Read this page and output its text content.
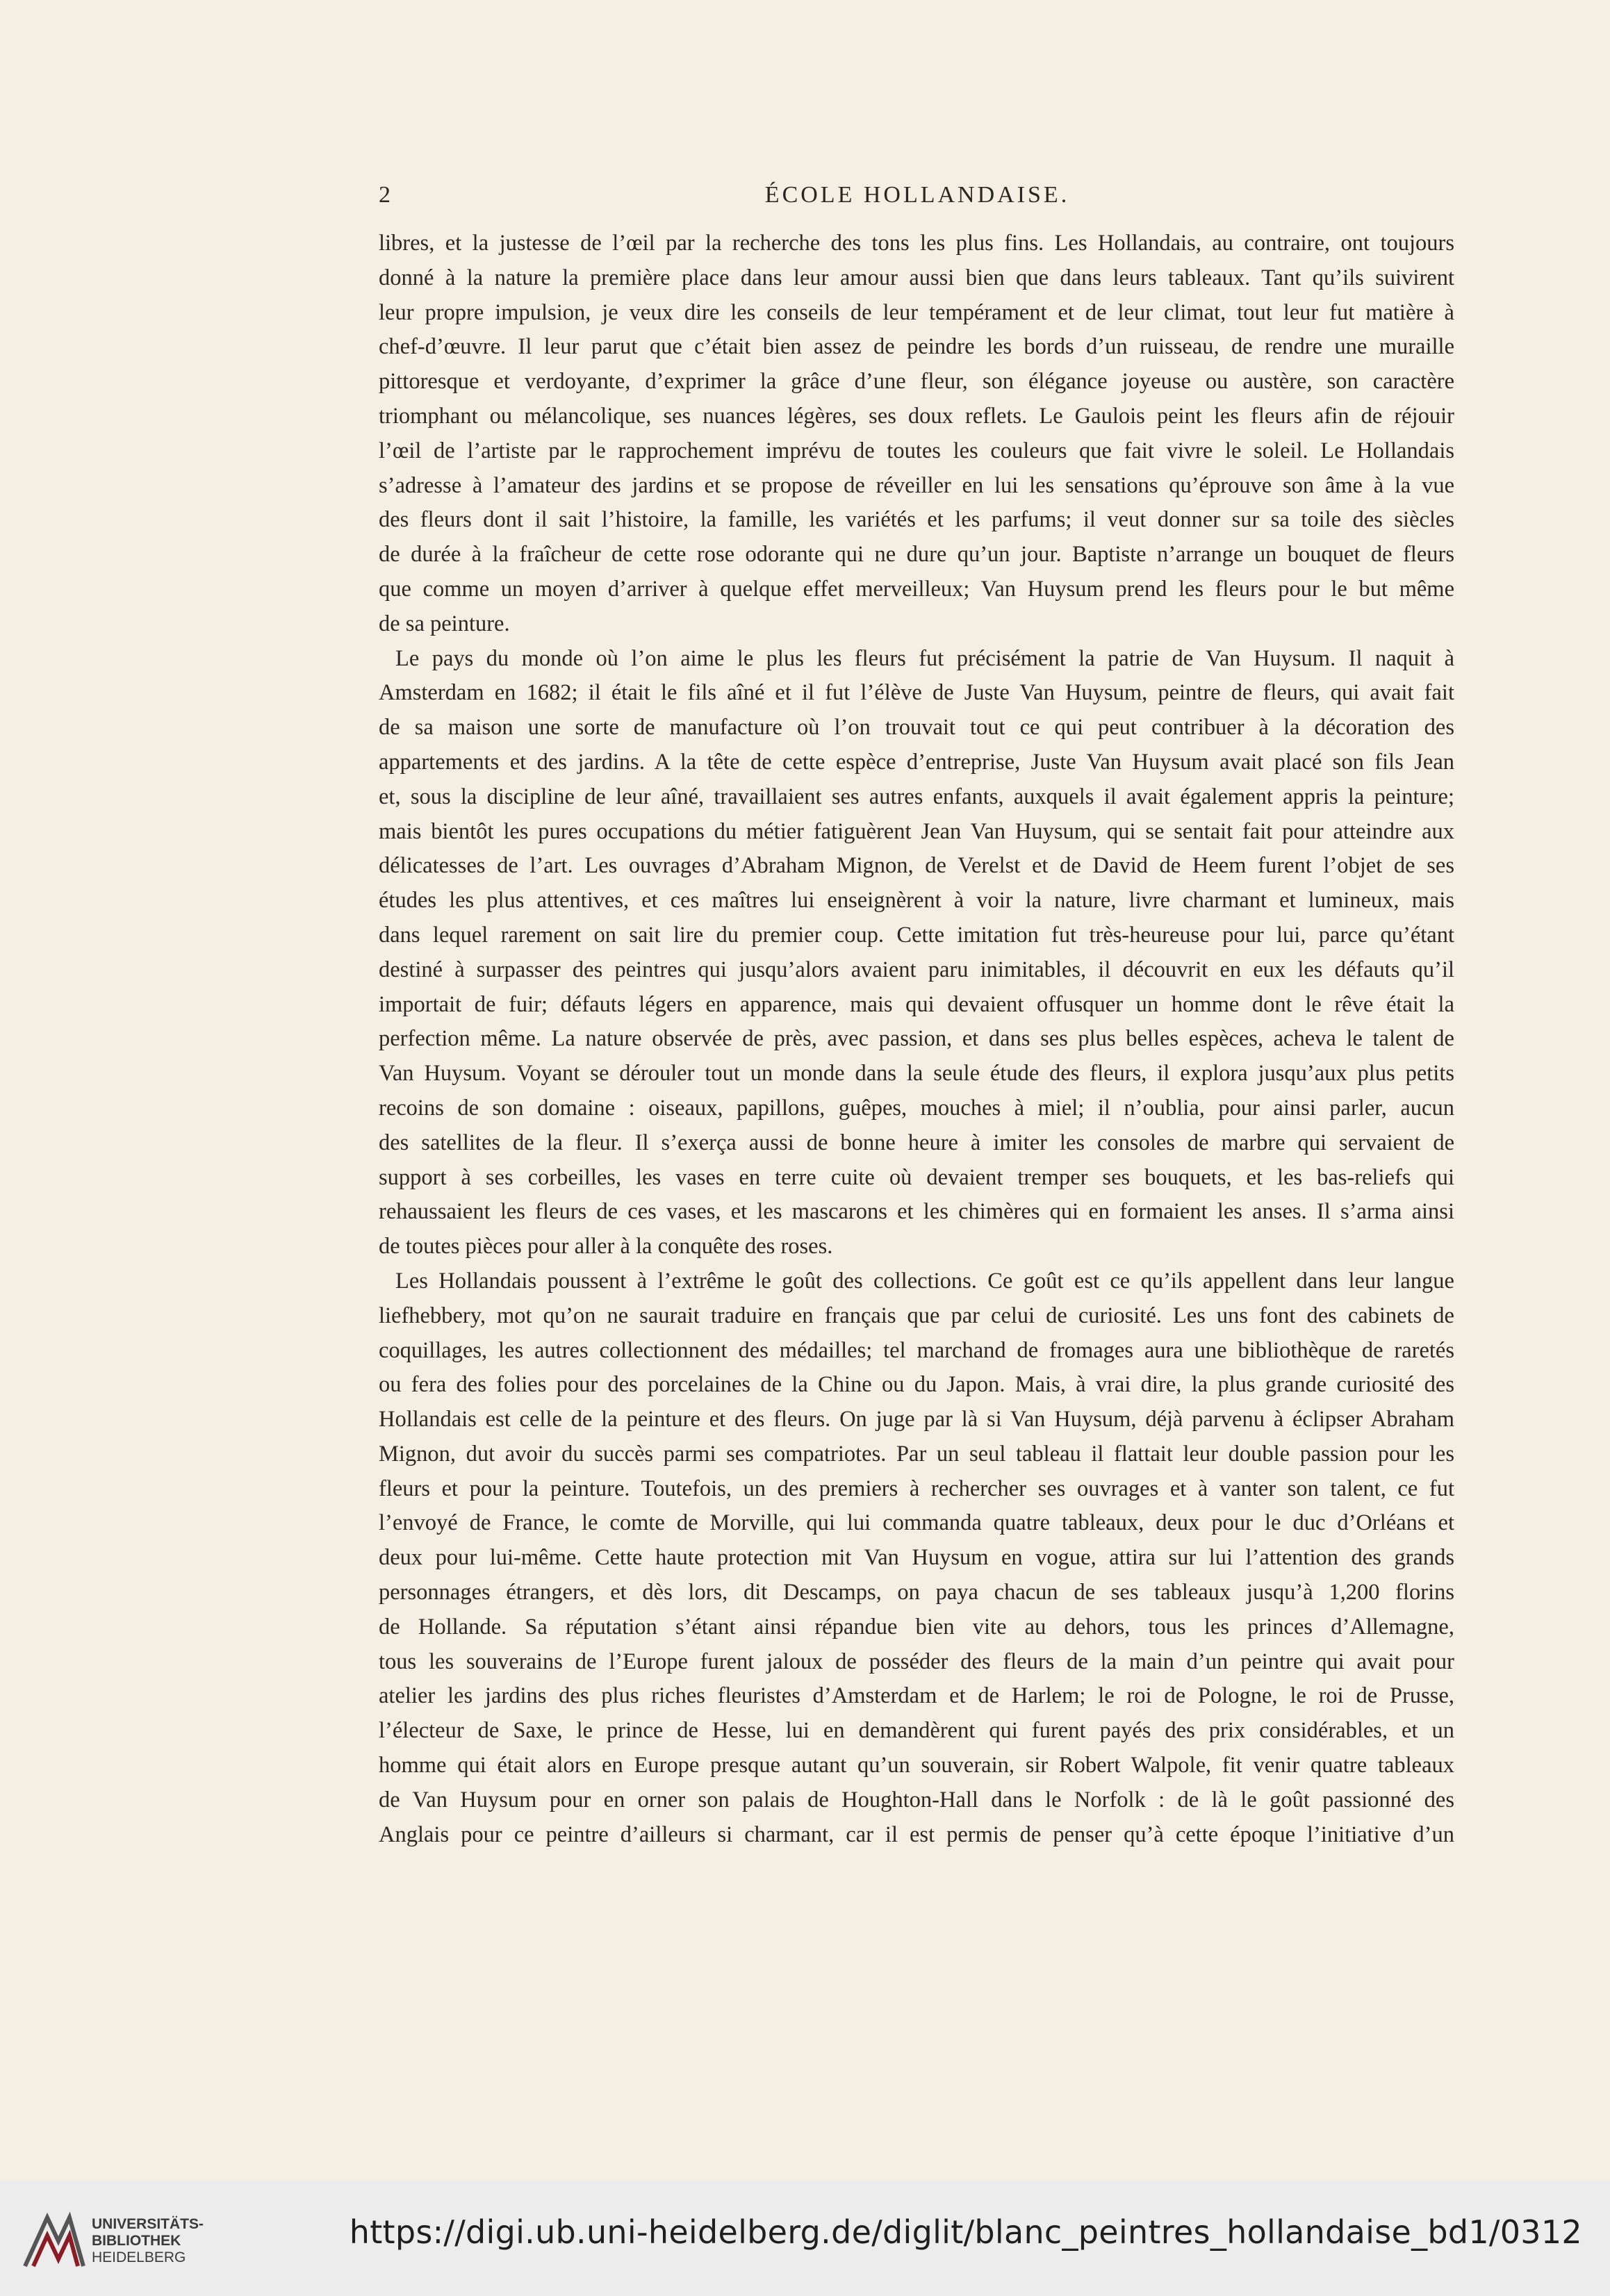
2	ÉCOLE HOLLANDAISE.
libres, et la justesse de l’œil par la recherche des tons les plus fins. Les Hollandais, au contraire, ont toujours
donné à la nature la première place dans leur amour aussi bien que dans leurs tableaux. Tant qu’ils suivirent
leur propre impulsion, je veux dire les conseils de leur tempérament et de leur climat, tout leur fut matière à
chef-d’œuvre. Il leur parut que c’était bien assez de peindre les bords d’un ruisseau, de rendre une muraille
pittoresque et verdoyante, d’exprimer la grâce d’une fleur, son élégance joyeuse ou austère, son caractère
triomphant ou mélancolique, ses nuances légères, ses doux reflets. Le Gaulois peint les fleurs afin de réjouir
l’œil de l’artiste par le rapprochement imprévu de toutes les couleurs que fait vivre le soleil. Le Hollandais
s’adresse à l’amateur des jardins et se propose de réveiller en lui les sensations qu’éprouve son âme à la vue
des fleurs dont il sait l’histoire, la famille, les variétés et les parfums; il veut donner sur sa toile des siècles
de durée à la fraîcheur de cette rose odorante qui ne dure qu’un jour. Baptiste n’arrange un bouquet de fleurs
que comme un moyen d’arriver à quelque effet merveilleux; Van Huysum prend les fleurs pour le but même
de sa peinture.
Le pays du monde où l’on aime le plus les fleurs fut précisément la patrie de Van Huysum. Il naquit à
Amsterdam en 1682; il était le fils aîné et il fut l’élève de Juste Van Huysum, peintre de fleurs, qui avait fait
de sa maison une sorte de manufacture où l’on trouvait tout ce qui peut contribuer à la décoration des
appartements et des jardins. A la tête de cette espèce d’entreprise, Juste Van Huysum avait placé son fils Jean
et, sous la discipline de leur aîné, travaillaient ses autres enfants, auxquels il avait également appris la peinture;
mais bientôt les pures occupations du métier fatiguèrent Jean Van Huysum, qui se sentait fait pour atteindre aux
délicatesses de l’art. Les ouvrages d’Abraham Mignon, de Verelst et de David de Heem furent l’objet de ses
études les plus attentives, et ces maîtres lui enseignèrent à voir la nature, livre charmant et lumineux, mais
dans lequel rarement on sait lire du premier coup. Cette imitation fut très-heureuse pour lui, parce qu’étant
destiné à surpasser des peintres qui jusqu’alors avaient paru inimitables, il découvrit en eux les défauts qu’il
importait de fuir; défauts légers en apparence, mais qui devaient offusquer un homme dont le rêve était la
perfection même. La nature observée de près, avec passion, et dans ses plus belles espèces, acheva le talent de
Van Huysum. Voyant se dérouler tout un monde dans la seule étude des fleurs, il explora jusqu’aux plus petits
recoins de son domaine : oiseaux, papillons, guêpes, mouches à miel; il n’oublia, pour ainsi parler, aucun
des satellites de la fleur. Il s’exerça aussi de bonne heure à imiter les consoles de marbre qui servaient de
support à ses corbeilles, les vases en terre cuite où devaient tremper ses bouquets, et les bas-reliefs qui
rehaussaient les fleurs de ces vases, et les mascarons et les chimères qui en formaient les anses. Il s’arma ainsi
de toutes pièces pour aller à la conquête des roses.
Les Hollandais poussent à l’extrême le goût des collections. Ce goût est ce qu’ils appellent dans leur langue
liefhebbery, mot qu’on ne saurait traduire en français que par celui de curiosité. Les uns font des cabinets de
coquillages, les autres collectionnent des médailles; tel marchand de fromages aura une bibliothèque de raretés
ou fera des folies pour des porcelaines de la Chine ou du Japon. Mais, à vrai dire, la plus grande curiosité des
Hollandais est celle de la peinture et des fleurs. On juge par là si Van Huysum, déjà parvenu à éclipser Abraham
Mignon, dut avoir du succès parmi ses compatriotes. Par un seul tableau il flattait leur double passion pour les
fleurs et pour la peinture. Toutefois, un des premiers à rechercher ses ouvrages et à vanter son talent, ce fut
l’envoyé de France, le comte de Morville, qui lui commanda quatre tableaux, deux pour le duc d’Orléans et
deux pour lui-même. Cette haute protection mit Van Huysum en vogue, attira sur lui l’attention des grands
personnages étrangers, et dès lors, dit Descamps, on paya chacun de ses tableaux jusqu’à 1,200 florins
de Hollande. Sa réputation s’étant ainsi répandue bien vite au dehors, tous les princes d’Allemagne,
tous les souverains de l’Europe furent jaloux de posséder des fleurs de la main d’un peintre qui avait pour
atelier les jardins des plus riches fleuristes d’Amsterdam et de Harlem; le roi de Pologne, le roi de Prusse,
l’électeur de Saxe, le prince de Hesse, lui en demandèrent qui furent payés des prix considérables, et un
homme qui était alors en Europe presque autant qu’un souverain, sir Robert Walpole, fit venir quatre tableaux
de Van Huysum pour en orner son palais de Houghton-Hall dans le Norfolk : de là le goût passionné des
Anglais pour ce peintre d’ailleurs si charmant, car il est permis de penser qu’à cette époque l’initiative d’un
UNIVERSITÄTS-
BIBLIOTHEK
HEIDELBERG
https://digi.ub.uni-heidelberg.de/diglit/blanc_peintres_hollandaise_bd1/0312
